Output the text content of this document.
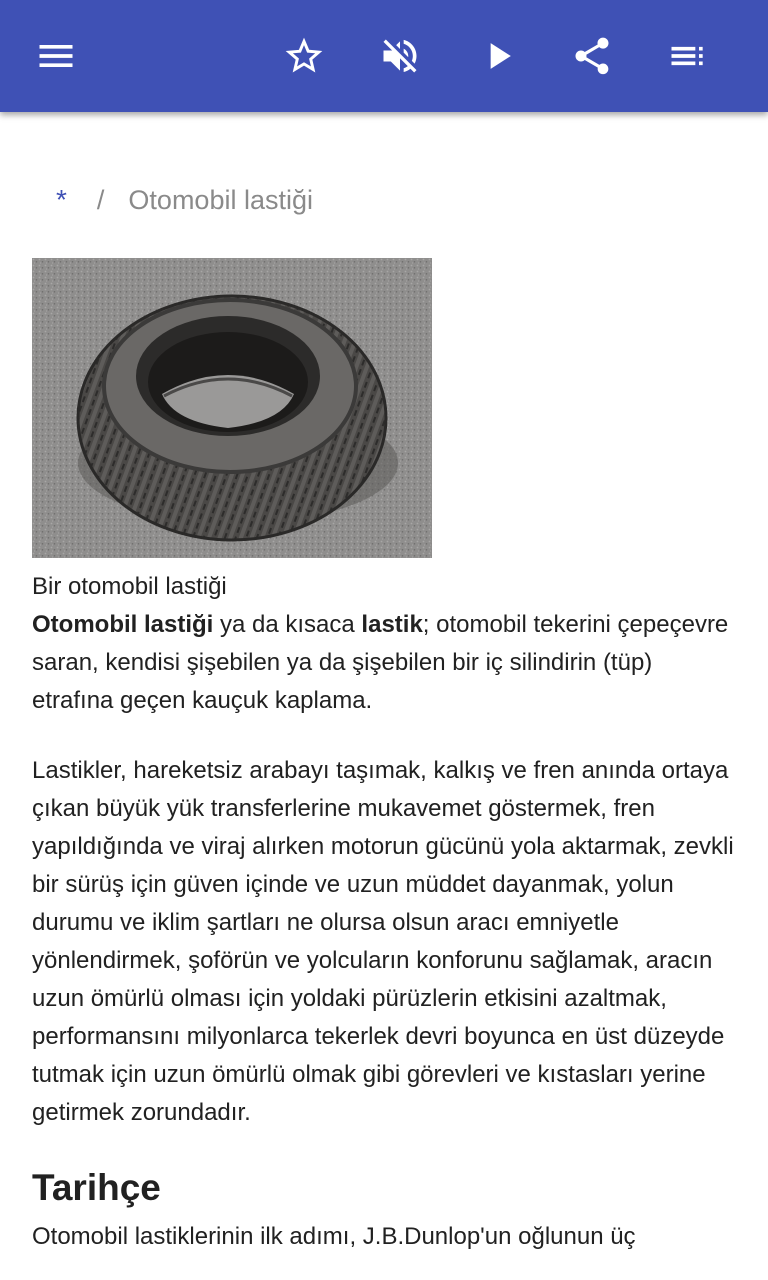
* / Otomobil lastiği

Bir otomobil lastiği

Otomobil lastiği ya da kısaca lastik; otomobil tekerini çepeçevre saran, kendisi şişebilen ya da şişebilen bir iç silindirin (tüp) etrafına geçen kauçuk kaplama.

Lastikler, hareketsiz arabayı taşımak, kalkış ve fren anında ortaya çıkan büyük yük transferlerine mukavemet göstermek, fren yapıldığında ve viraj alırken motorun gücünü yola aktarmak, zevkli bir sürüş için güven içinde ve uzun müddet dayanmak, yolun durumu ve iklim şartları ne olursa olsun aracı emniyetle yönlendirmek, şoförün ve yolcuların konforunu sağlamak, aracın uzun ömürlü olması için yoldaki pürüzlerin etkisini azaltmak, performansını milyonlarca tekerlek devri boyunca en üst düzeyde tutmak için uzun ömürlü olmak gibi görevleri ve kıstasları yerine getirmek zorundadır.

Tarihçe

Otomobil lastiklerinin ilk adımı, J.B.Dunlop'un oğlunun üç
